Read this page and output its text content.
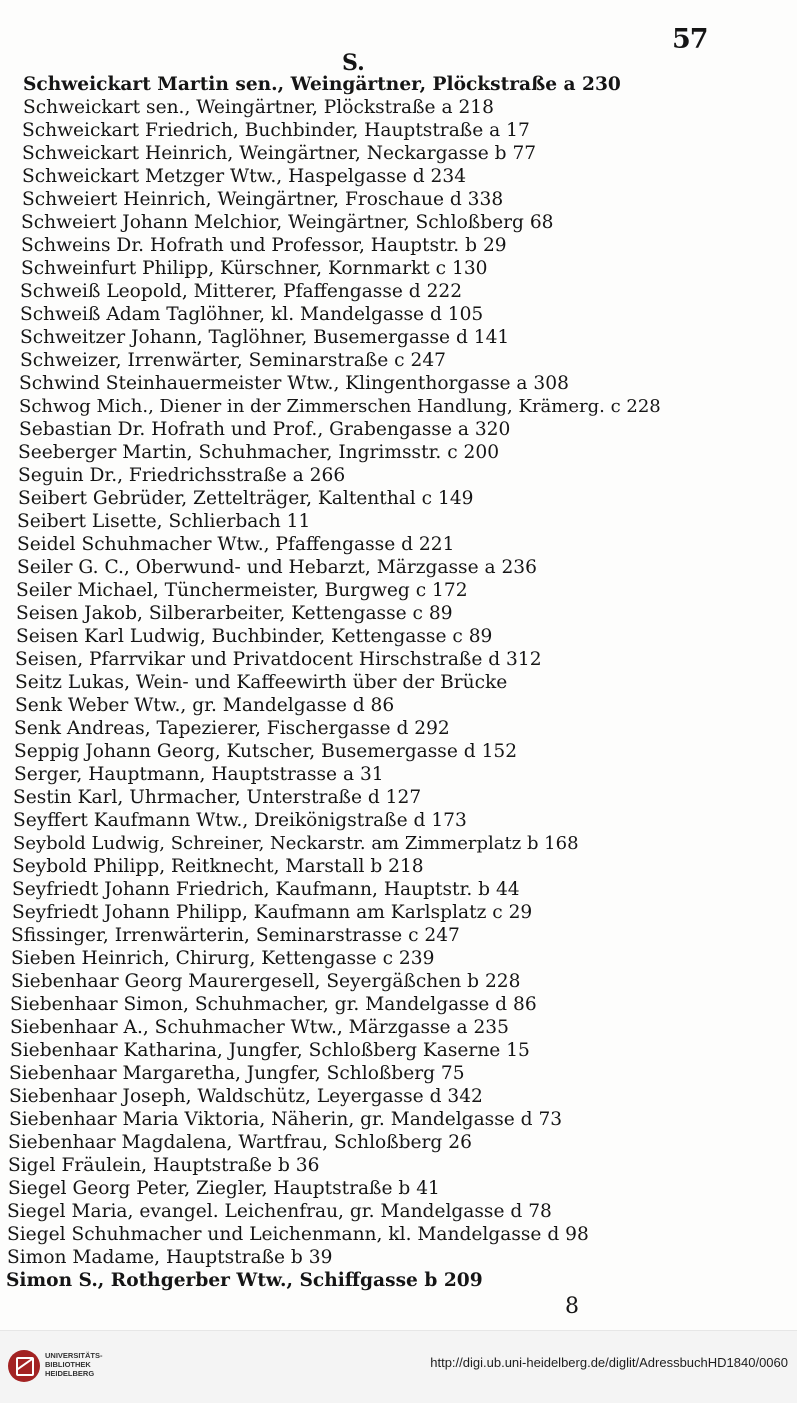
57
S.
Schweickart Martin sen., Weingärtner, Plöckstraße a 230
Schweickart sen., Weingärtner, Plöckstraße a 218
Schweickart Friedrich, Buchbinder, Hauptstraße a 17
Schweickart Heinrich, Weingärtner, Neckargasse b 77
Schweickart Metzger Wtw., Haspelgasse d 234
Schweiert Heinrich, Weingärtner, Froschaue d 338
Schweiert Johann Melchior, Weingärtner, Schloßberg 68
Schweins Dr. Hofrath und Professor, Hauptstr. b 29
Schweinfurt Philipp, Kürschner, Kornmarkt c 130
Schweiß Leopold, Mitterer, Pfaffengasse d 222
Schweiß Adam Taglöhner, kl. Mandelgasse d 105
Schweitzer Johann, Taglöhner, Busemergasse d 141
Schweizer, Irrenwärter, Seminarstraße c 247
Schwind Steinhauermeister Wtw., Klingenthorgasse a 308
Schwog Mich., Diener in der Zimmerschen Handlung, Krämerg. c 228
Sebastian Dr. Hofrath und Prof., Grabengasse a 320
Seeberger Martin, Schuhmacher, Ingrimsstr. c 200
Seguin Dr., Friedrichsstraße a 266
Seibert Gebrüder, Zettelträger, Kaltenthal c 149
Seibert Lisette, Schlierbach 11
Seidel Schuhmacher Wtw., Pfaffengasse d 221
Seiler G. C., Oberwund- und Hebarzt, Märzgasse a 236
Seiler Michael, Tünchermeister, Burgweg c 172
Seisen Jakob, Silberarbeiter, Kettengasse c 89
Seisen Karl Ludwig, Buchbinder, Kettengasse c 89
Seisen, Pfarrvikar und Privatdocent Hirschstraße d 312
Seitz Lukas, Wein- und Kaffeewirth über der Brücke
Senk Weber Wtw., gr. Mandelgasse d 86
Senk Andreas, Tapezierer, Fischergasse d 292
Seppig Johann Georg, Kutscher, Busemergasse d 152
Serger, Hauptmann, Hauptstrasse a 31
Sestin Karl, Uhrmacher, Unterstraße d 127
Seyffert Kaufmann Wtw., Dreikönigstraße d 173
Seybold Ludwig, Schreiner, Neckarstr. am Zimmerplatz b 168
Seybold Philipp, Reitknecht, Marstall b 218
Seyfriedt Johann Friedrich, Kaufmann, Hauptstr. b 44
Seyfriedt Johann Philipp, Kaufmann am Karlsplatz c 29
Sfissinger, Irrenwärterin, Seminarstrasse c 247
Sieben Heinrich, Chirurg, Kettengasse c 239
Siebenhaar Georg Maurergesell, Seyergäßchen b 228
Siebenhaar Simon, Schuhmacher, gr. Mandelgasse d 86
Siebenhaar A., Schuhmacher Wtw., Märzgasse a 235
Siebenhaar Katharina, Jungfer, Schloßberg Kaserne 15
Siebenhaar Margaretha, Jungfer, Schloßberg 75
Siebenhaar Joseph, Waldschütz, Leyergasse d 342
Siebenhaar Maria Viktoria, Näherin, gr. Mandelgasse d 73
Siebenhaar Magdalena, Wartfrau, Schloßberg 26
Sigel Fräulein, Hauptstraße b 36
Siegel Georg Peter, Ziegler, Hauptstraße b 41
Siegel Maria, evangel. Leichenfrau, gr. Mandelgasse d 78
Siegel Schuhmacher und Leichenmann, kl. Mandelgasse d 98
Simon Madame, Hauptstraße b 39
Simon S., Rothgerber Wtw., Schiffgasse b 209
8
UNIVERSITÄTS-
BIBLIOTHEK
HEIDELBERG
http://digi.ub.uni-heidelberg.de/diglit/AdressbuchHD1840/0060
